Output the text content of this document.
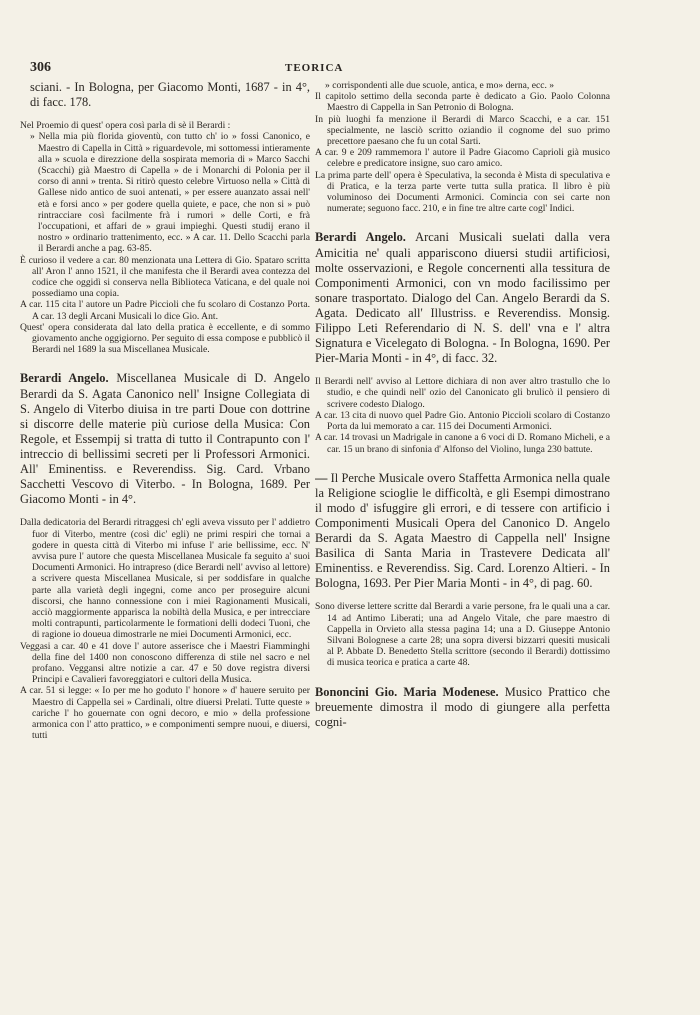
306	TEORICA

sciani. - In Bologna, per Giacomo Monti, 1687 - in 4°, di facc. 178.

Nel Proemio di quest' opera così parla di sè il Berardi :

» Nella mia più florida gioventù, con tutto ch' io » fossi Canonico, e Maestro di Capella in Città » riguardevole, mi sottomessi intieramente alla » scuola e direzzione della sospirata memoria di » Marco Sacchi (Scacchi) già Maestro di Capella » de i Monarchi di Polonia per il corso di anni » trenta. Si ritirò questo celebre Virtuoso nella » Città di Gallese nido antico de suoi antenati, » per essere auanzato assai nell' età e forsi anco » per godere quella quiete, e pace, che non si » può rintracciare così facilmente frà i rumori » delle Corti, e frà l'occupationi, et affari de » graui impieghi. Questi studij erano il nostro » ordinario trattenimento, ecc. » A car. 11. Dello Scacchi parla il Berardi anche a pag. 63-85.

È curioso il vedere a car. 80 menzionata una Lettera di Gio. Spataro scritta all' Aron l' anno 1521, il che manifesta che il Berardi avea contezza del codice che oggidì si conserva nella Biblioteca Vaticana, e del quale noi possediamo una copia.

A car. 115 cita l' autore un Padre Piccioli che fu scolaro di Costanzo Porta. A car. 13 degli Arcani Musicali lo dice Gio. Ant.

Quest' opera considerata dal lato della pratica è eccellente, e di sommo giovamento anche oggigiorno. Per seguito di essa compose e pubblicò il Berardi nel 1689 la sua Miscellanea Musicale.

Berardi Angelo. Miscellanea Musicale di D. Angelo Berardi da S. Agata Canonico nell' Insigne Collegiata di S. Angelo di Viterbo diuisa in tre parti Doue con dottrine si discorre delle materie più curiose della Musica: Con Regole, et Essempij si tratta di tutto il Contrapunto con l' intreccio di bellissimi secreti per li Professori Armonici. All' Eminentiss. e Reverendiss. Sig. Card. Vrbano Sacchetti Vescovo di Viterbo. - In Bologna, 1689. Per Giacomo Monti - in 4°.

Dalla dedicatoria del Berardi ritraggesi ch' egli aveva vissuto per l' addietro fuor di Viterbo, mentre (così dic' egli) ne primi respiri che tornai a godere in questa città di Viterbo mi infuse l' arie bellissime, ecc. N' avvisa pure l' autore che questa Miscellanea Musicale fa seguito a' suoi Documenti Armonici. Ho intrapreso (dice Berardi nell' avviso al lettore) a scrivere questa Miscellanea Musicale, si per soddisfare in qualche parte alla varietà degli ingegni, come anco per proseguire alcuni discorsi, che hanno connessione con i miei Ragionamenti Musicali, acciò maggiormente apparisca la nobiltà della Musica, e per intrecciare molti contrapunti, particolarmente le formationi delli dodeci Tuoni, che di ragione io doueua dimostrarle ne miei Documenti Armonici, ecc.

Veggasi a car. 40 e 41 dove l' autore asserisce che i Maestri Fiamminghi della fine del 1400 non conoscono differenza di stile nel sacro e nel profano. Veggansi altre notizie a car. 47 e 50 dove registra diversi Principi e Cavalieri favoreggiatori e cultori della Musica.

A car. 51 si legge: « Io per me ho goduto l' honore » d' hauere seruito per Maestro di Cappella sei » Cardinali, oltre diuersi Prelati. Tutte queste » cariche l' ho gouernate con ogni decoro, e mio » della professione armonica con l' atto prattico, » e componimenti sempre nuoui, e diuersi, tutti

» corrispondenti alle due scuole, antica, e mo» derna, ecc. »

Il capitolo settimo della seconda parte è dedicato a Gio. Paolo Colonna Maestro di Cappella in San Petronio di Bologna.

In più luoghi fa menzione il Berardi di Marco Scacchi, e a car. 151 specialmente, ne lasciò scritto oziandio il cognome del suo primo precettore paesano che fu un cotal Sarti.

A car. 9 e 209 rammemora l' autore il Padre Giacomo Caprioli già musico celebre e predicatore insigne, suo caro amico.

La prima parte dell' opera è Speculativa, la seconda è Mista di speculativa e di Pratica, e la terza parte verte tutta sulla pratica. Il libro è più voluminoso dei Documenti Armonici. Comincia con sei carte non numerate; seguono facc. 210, e in fine tre altre carte cogl' Indici.

Berardi Angelo. Arcani Musicali suelati dalla vera Amicitia ne' quali appariscono diuersi studii artificiosi, molte osservazioni, e Regole concernenti alla tessitura de Componimenti Armonici, con vn modo facilissimo per sonare trasportato. Dialogo del Can. Angelo Berardi da S. Agata. Dedicato all' Illustriss. e Reverendiss. Monsig. Filippo Leti Referendario di N. S. dell' vna e l' altra Signatura e Vicelegato di Bologna. - In Bologna, 1690. Per Pier-Maria Monti - in 4°, di facc. 32.

Il Berardi nell' avviso al Lettore dichiara di non aver altro trastullo che lo studio, e che quindi nell' ozio del Canonicato gli brulicò il pensiero di scrivere codesto Dialogo.

A car. 13 cita di nuovo quel Padre Gio. Antonio Piccioli scolaro di Costanzo Porta da lui memorato a car. 115 dei Documenti Armonici.

A car. 14 trovasi un Madrigale in canone a 6 voci di D. Romano Micheli, e a car. 15 un brano di sinfonia d' Alfonso del Violino, lunga 230 battute.

— Il Perche Musicale overo Staffetta Armonica nella quale la Religione scioglie le difficoltà, e gli Esempi dimostrano il modo d' isfuggire gli errori, e di tessere con artificio i Componimenti Musicali Opera del Canonico D. Angelo Berardi da S. Agata Maestro di Cappella nell' Insigne Basilica di Santa Maria in Trastevere Dedicata all' Eminentiss. e Reverendiss. Sig. Card. Lorenzo Altieri. - In Bologna, 1693. Per Pier Maria Monti - in 4°, di pag. 60.

Sono diverse lettere scritte dal Berardi a varie persone, fra le quali una a car. 14 ad Antimo Liberati; una ad Angelo Vitale, che pare maestro di Cappella in Orvieto alla stessa pagina 14; una a D. Giuseppe Antonio Silvani Bolognese a carte 28; una sopra diversi bizzarri quesiti musicali al P. Abbate D. Benedetto Stella scrittore (secondo il Berardi) dottissimo di musica teorica e pratica a carte 48.

Bononcini Gio. Maria Modenese. Musico Prattico che breuemente dimostra il modo di giungere alla perfetta cogni-
